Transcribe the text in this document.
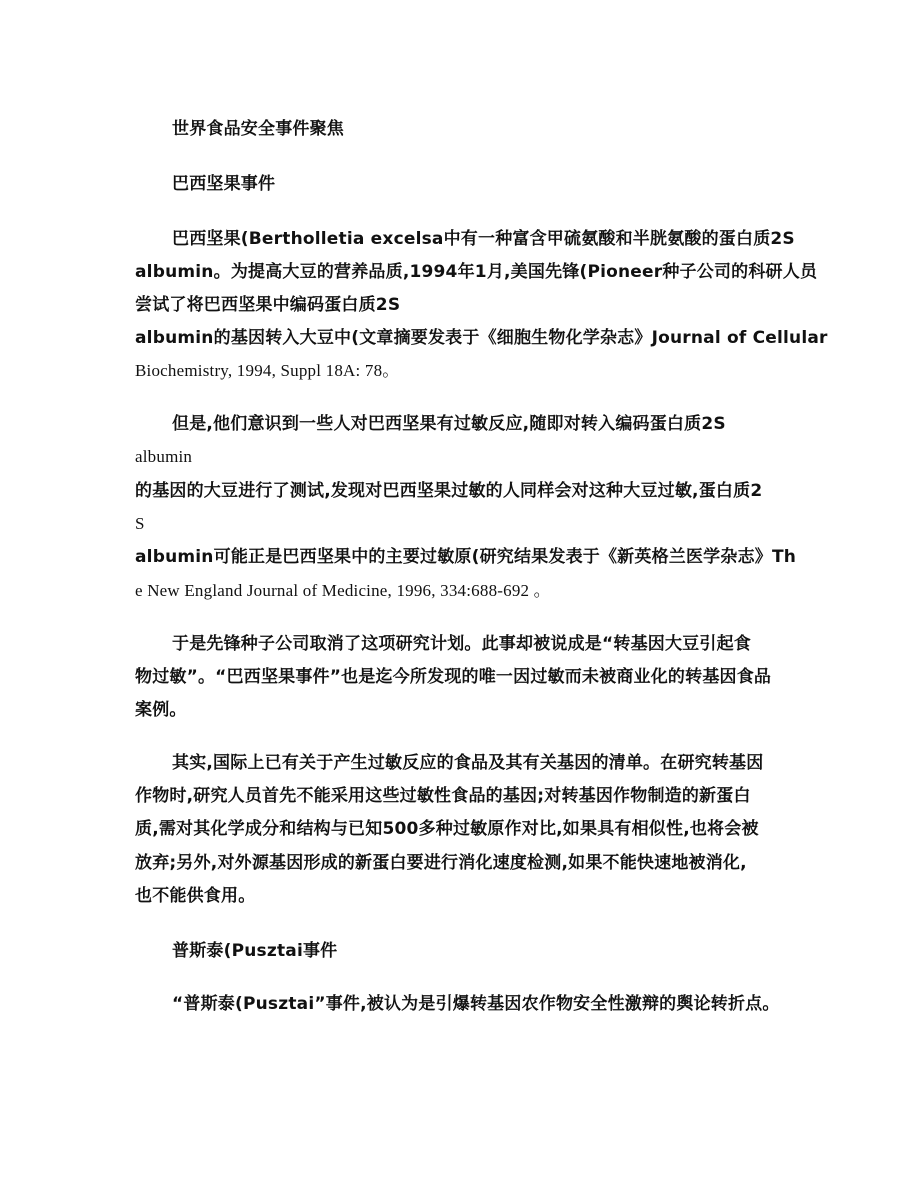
世界食品安全事件聚焦
巴西坚果事件
巴西坚果(Bertholletia excelsa中有一种富含甲硫氨酸和半胱氨酸的蛋白质2S
albumin。为提高大豆的营养品质,1994年1月,美国先锋(Pioneer种子公司的科研人员
尝试了将巴西坚果中编码蛋白质2S
albumin的基因转入大豆中(文章摘要发表于《细胞生物化学杂志》Journal of Cellular
Biochemistry, 1994, Suppl 18A: 78。
但是,他们意识到一些人对巴西坚果有过敏反应,随即对转入编码蛋白质2S
albumin
的基因的大豆进行了测试,发现对巴西坚果过敏的人同样会对这种大豆过敏,蛋白质2
S
albumin可能正是巴西坚果中的主要过敏原(研究结果发表于《新英格兰医学杂志》Th
e New England Journal of Medicine, 1996, 334:688-692 。
于是先锋种子公司取消了这项研究计划。此事却被说成是“转基因大豆引起食
物过敏”。“巴西坚果事件”也是迄今所发现的唯一因过敏而未被商业化的转基因食品
案例。
其实,国际上已有关于产生过敏反应的食品及其有关基因的清单。在研究转基因
作物时,研究人员首先不能采用这些过敏性食品的基因;对转基因作物制造的新蛋白
质,需对其化学成分和结构与已知500多种过敏原作对比,如果具有相似性,也将会被
放弃;另外,对外源基因形成的新蛋白要进行消化速度检测,如果不能快速地被消化,
也不能供食用。
普斯泰(Pusztai事件
“普斯泰(Pusztai”事件,被认为是引爆转基因农作物安全性激辩的舆论转折点。
